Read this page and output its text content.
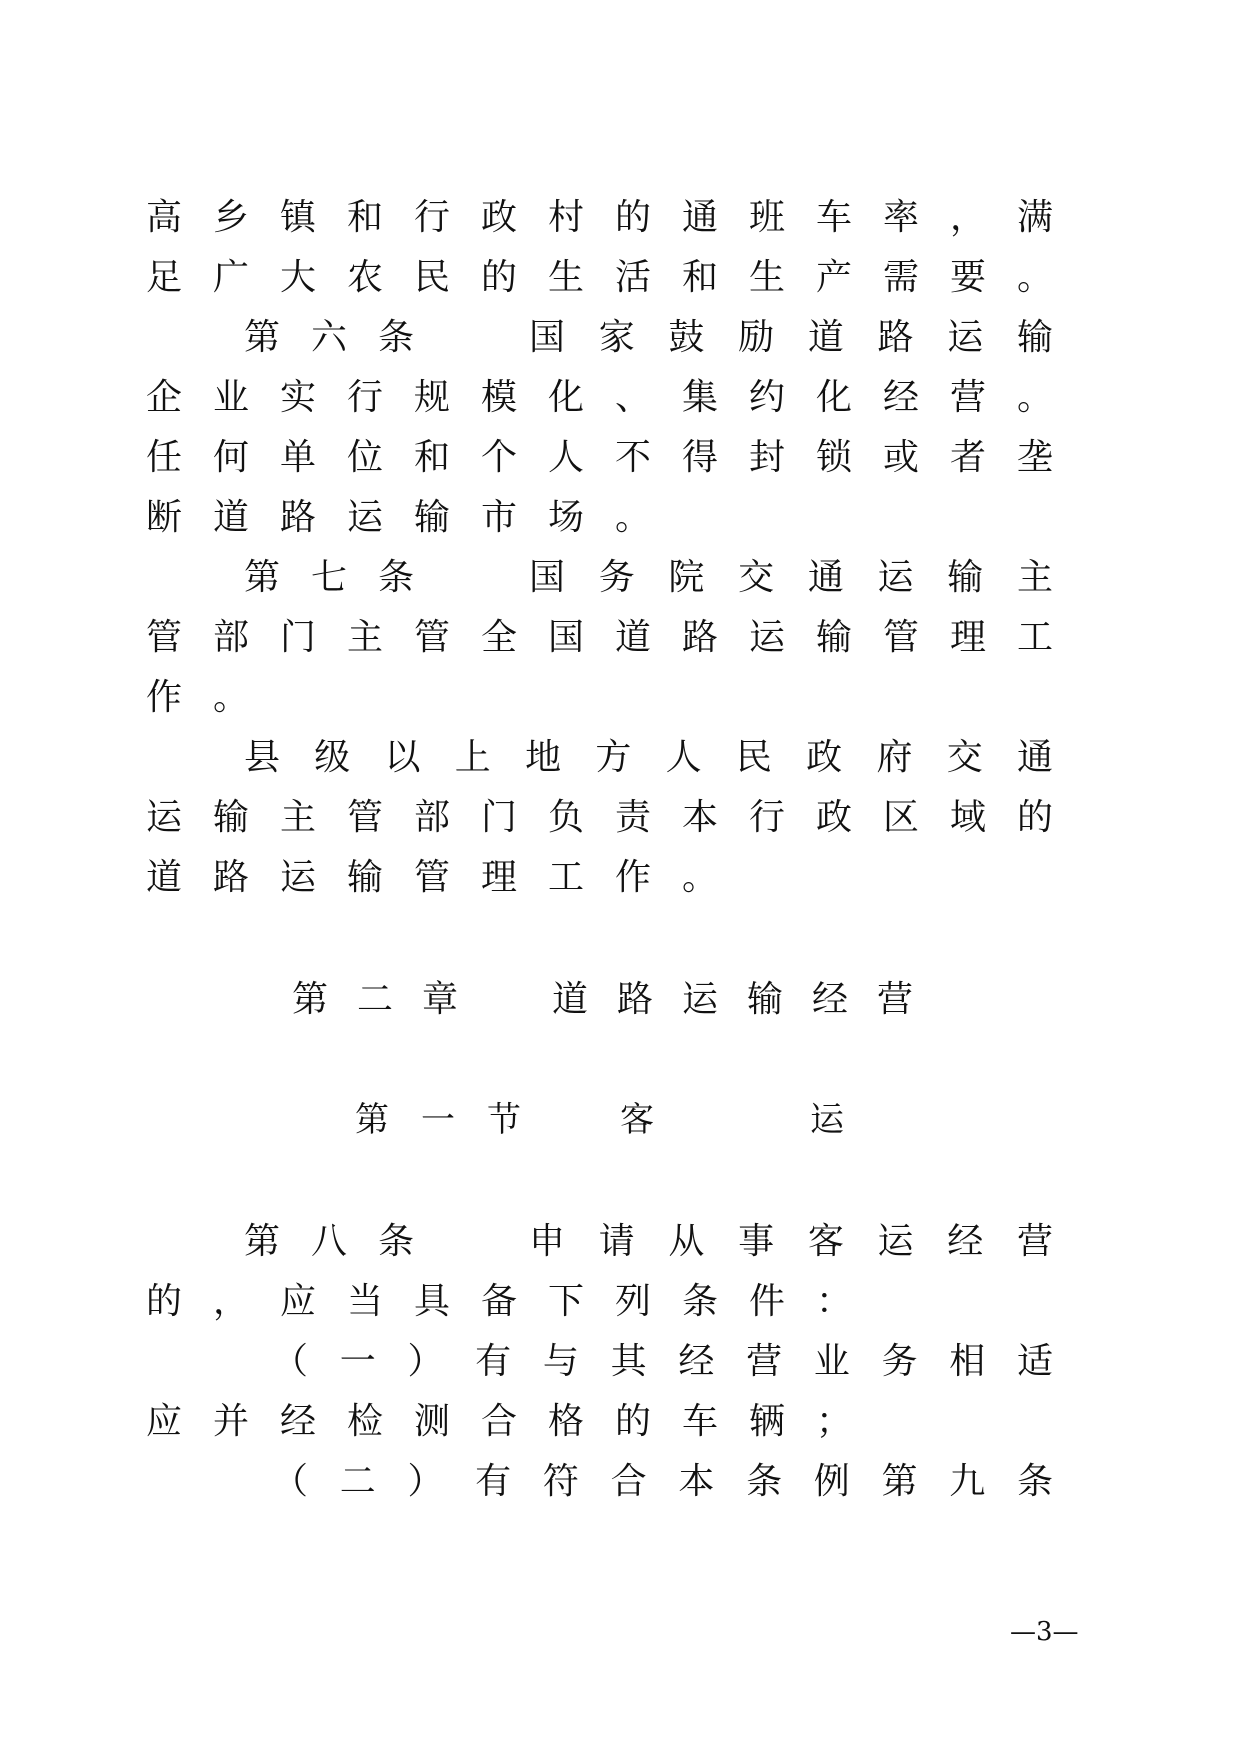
高 乡 镇 和 行 政 村 的 通 班 车 率 ， 满
足 广 大 农 民 的 生 活 和 生 产 需 要 。
第 六 条	国 家 鼓 励 道 路 运 输
企 业 实 行 规 模 化 、 集 约 化 经 营 。
任 何 单 位 和 个 人 不 得 封 锁 或 者 垄
断 道 路 运 输 市 场 。
第 七 条	国 务 院 交 通 运 输 主
管 部 门 主 管 全 国 道 路 运 输 管 理 工
作 。
县 级 以 上 地 方 人 民 政 府 交 通
运 输 主 管 部 门 负 责 本 行 政 区 域 的
道 路 运 输 管 理 工 作 。
第 二 章	道 路 运 输 经 营
第 一 节	客	运
第 八 条	申 请 从 事 客 运 经 营
的 ， 应 当 具 备 下 列 条 件 ：
（ 一 ） 有 与 其 经 营 业 务 相 适
应 并 经 检 测 合 格 的 车 辆 ；
（ 二 ） 有 符 合 本 条 例 第 九 条
—3—
